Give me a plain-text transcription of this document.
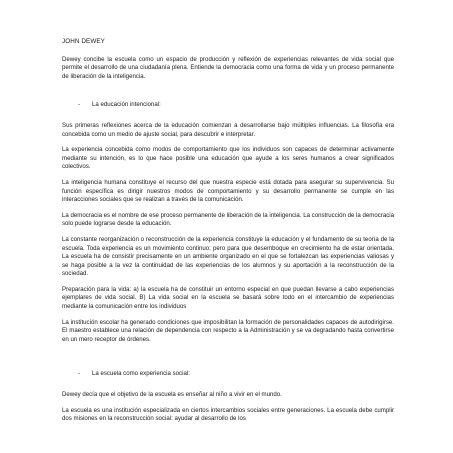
JOHN DEWEY

Dewey concibe la escuela como un espacio de producción y reflexión de experiencias relevantes de vida social que permite el desarrollo de una ciudadanía plena. Entiende la democracia como una forma de vida y un proceso permanente de liberación de la inteligencia.

-	La educación intencional:

Sus primeras reflexiones acerca de la educación comienzan a desarrollarse bajo múltiples influencias. La filosofía era concebida como un medio de ajuste social, para descubrir e interpretar.

La experiencia concebida como modos de comportamiento que los individuos son capaces de determinar activamente mediante su intención, es lo que hace posible una educación que ayude a los seres humanos a crear significados colectivos.

La inteligencia humana constituye el recurso del que nuestra especie está dotada para asegurar su supervivencia. Su función específica es dirigir nuestros modos de comportamiento y su desarrollo permanente se cumple en las interacciones sociales que se realizan a través de la comunicación.

La democracia es el nombre de ese proceso permanente de liberación de la inteligencia. La construcción de la democracia solo puede lograrse desde la educación.

La constante reorganización o reconstrucción de la experiencia constituye la educación y el fundamento de su teoría de la escuela. Toda experiencia es un movimiento continuo; pero para que desemboque en crecimiento ha de estar orientada. La escuela ha de consistir precisamente en un ambiente organizado en el que se fortalezcan las experiencias valiosas y se haga posible a la vez la continuidad de las experiencias de los alumnos y su aportación a la reconstrucción de la sociedad.

Preparación para la vida: a) la escuela ha de constituir un entorno especial en que puedan llevarse a cabo experiencias ejemplares de vida social. B) La vida social en la escuela se basará sobre todo en el intercambio de experiencias mediante la comunicación entre los individuos

La institución escolar ha generado condiciones que imposibilitan la formación de personalidades capaces de autodirigirse. El maestro establece una relación de dependencia con respecto a la Administración y se va degradando hasta convertirse en un mero receptor de órdenes.

-	La escuela como experiencia social:

Dewey decía que el objetivo de la escuela es enseñar al niño a vivir en el mundo.

La escuela es una institución especializada en ciertos intercambios sociales entre generaciones. La escuela debe cumplir dos misiones en la reconstrucción social: ayudar al desarrollo de los
